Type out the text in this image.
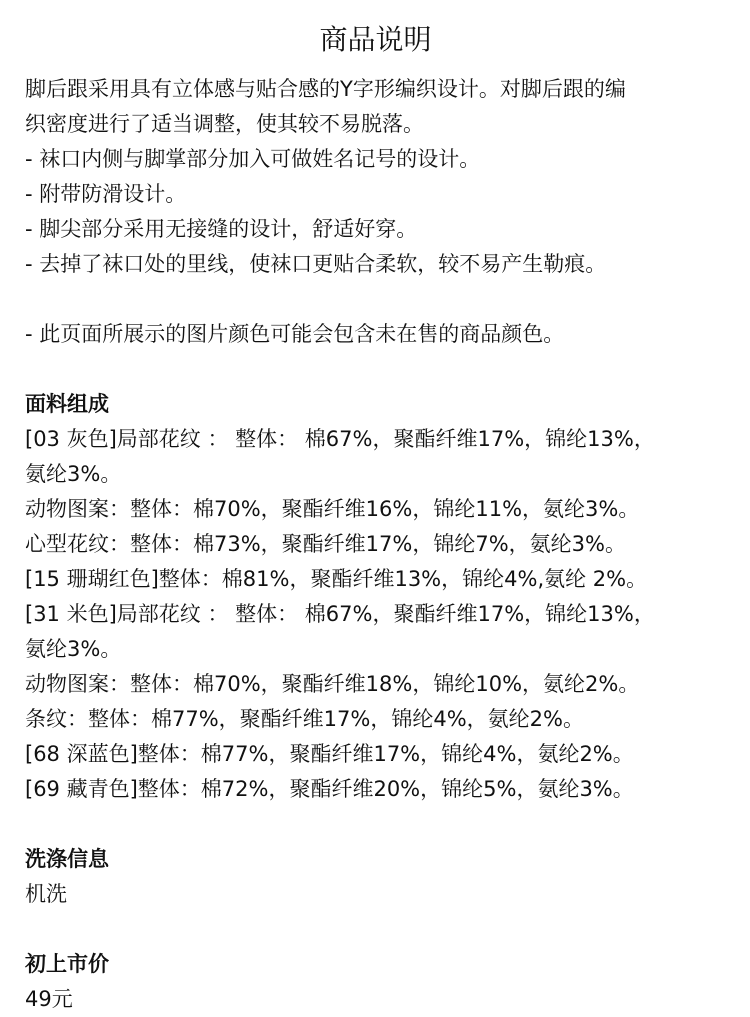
商品说明
脚后跟采用具有立体感与贴合感的Y字形编织设计。对脚后跟的编
织密度进行了适当调整，使其较不易脱落。
- 袜口内侧与脚掌部分加入可做姓名记号的设计。
- 附带防滑设计。
- 脚尖部分采用无接缝的设计，舒适好穿。
- 去掉了袜口处的里线，使袜口更贴合柔软，较不易产生勒痕。
- 此页面所展示的图片颜色可能会包含未在售的商品颜色。
面料组成
[03 灰色]局部花纹 ： 整体： 棉67%，聚酯纤维17%，锦纶13%，
氨纶3%。
动物图案：整体：棉70%，聚酯纤维16%，锦纶11%，氨纶3%。
心型花纹：整体：棉73%，聚酯纤维17%，锦纶7%，氨纶3%。
[15 珊瑚红色]整体：棉81%，聚酯纤维13%，锦纶4%,氨纶 2%。
[31 米色]局部花纹 ： 整体： 棉67%，聚酯纤维17%，锦纶13%，
氨纶3%。
动物图案：整体：棉70%，聚酯纤维18%，锦纶10%，氨纶2%。
条纹：整体：棉77%，聚酯纤维17%，锦纶4%，氨纶2%。
[68 深蓝色]整体：棉77%，聚酯纤维17%，锦纶4%，氨纶2%。
[69 藏青色]整体：棉72%，聚酯纤维20%，锦纶5%，氨纶3%。
洗涤信息
机洗
初上市价
49元
